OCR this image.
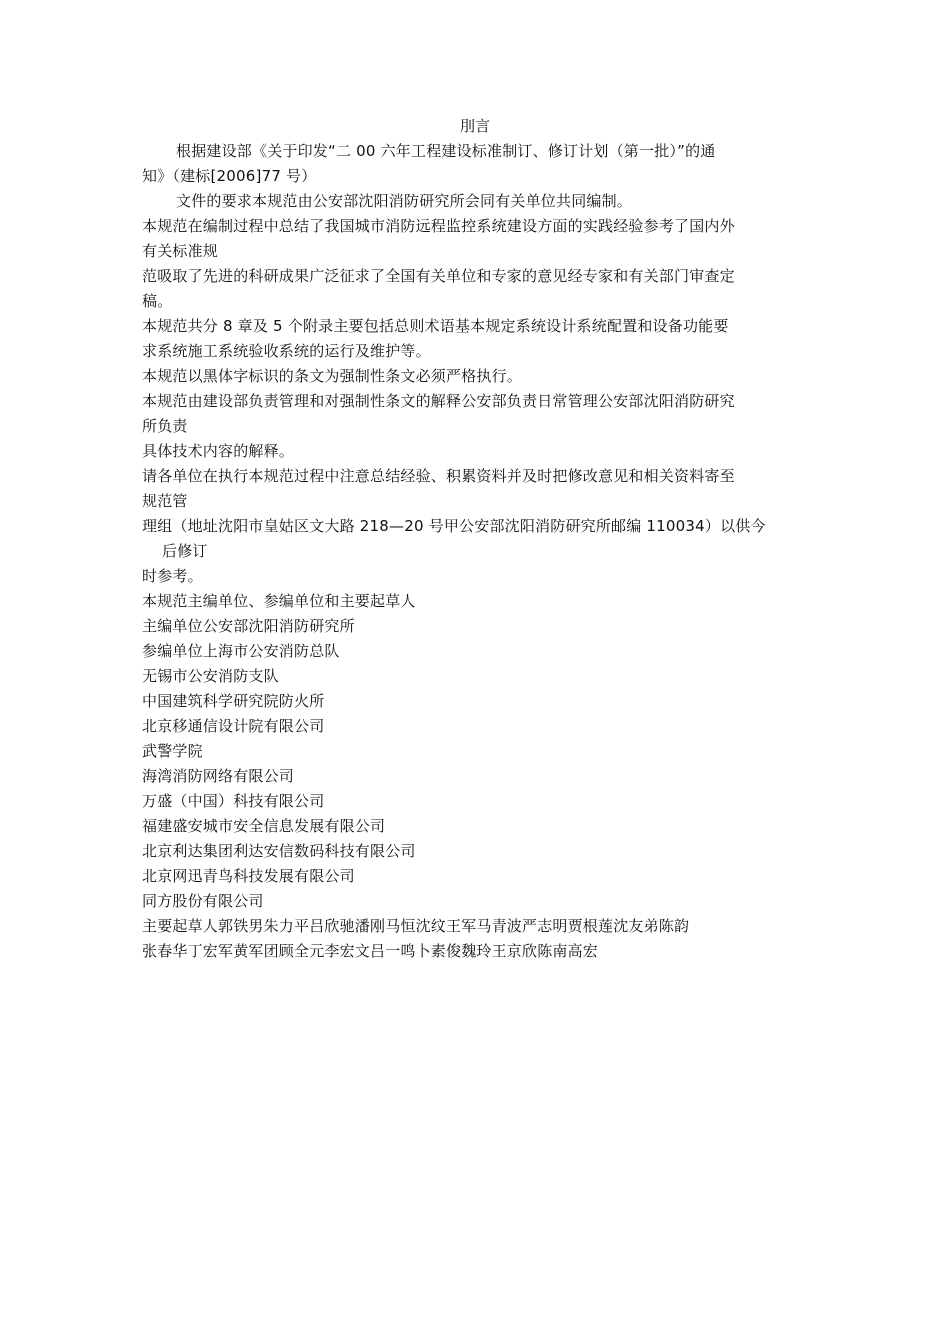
刖言
根据建设部《关于印发“二 00 六年工程建设标准制订、修订计划（第一批）”的通
知》（建标[2006]77 号）
文件的要求本规范由公安部沈阳消防研究所会同有关单位共同编制。
本规范在编制过程中总结了我国城市消防远程监控系统建设方面的实践经验参考了国内外
有关标准规
范吸取了先进的科研成果广泛征求了全国有关单位和专家的意见经专家和有关部门审查定
稿。
本规范共分 8 章及 5 个附录主要包括总则术语基本规定系统设计系统配置和设备功能要
求系统施工系统验收系统的运行及维护等。
本规范以黑体字标识的条文为强制性条文必须严格执行。
本规范由建设部负责管理和对强制性条文的解释公安部负责日常管理公安部沈阳消防研究
所负责
具体技术内容的解释。
请各单位在执行本规范过程中注意总结经验、积累资料并及时把修改意见和相关资料寄至
规范管
理组（地址沈阳市皇姑区文大路 218—20 号甲公安部沈阳消防研究所邮编 110034）以供今
后修订
时参考。
本规范主编单位、参编单位和主要起草人
主编单位公安部沈阳消防研究所
参编单位上海市公安消防总队
无锡市公安消防支队
中国建筑科学研究院防火所
北京移通信设计院有限公司
武警学院
海湾消防网络有限公司
万盛（中国）科技有限公司
福建盛安城市安全信息发展有限公司
北京利达集团利达安信数码科技有限公司
北京网迅青鸟科技发展有限公司
同方股份有限公司
主要起草人郭铁男朱力平吕欣驰潘刚马恒沈纹王军马青波严志明贾根莲沈友弟陈韵
张春华丁宏军黄军团顾全元李宏文吕一鸣卜素俊魏玲王京欣陈南高宏
